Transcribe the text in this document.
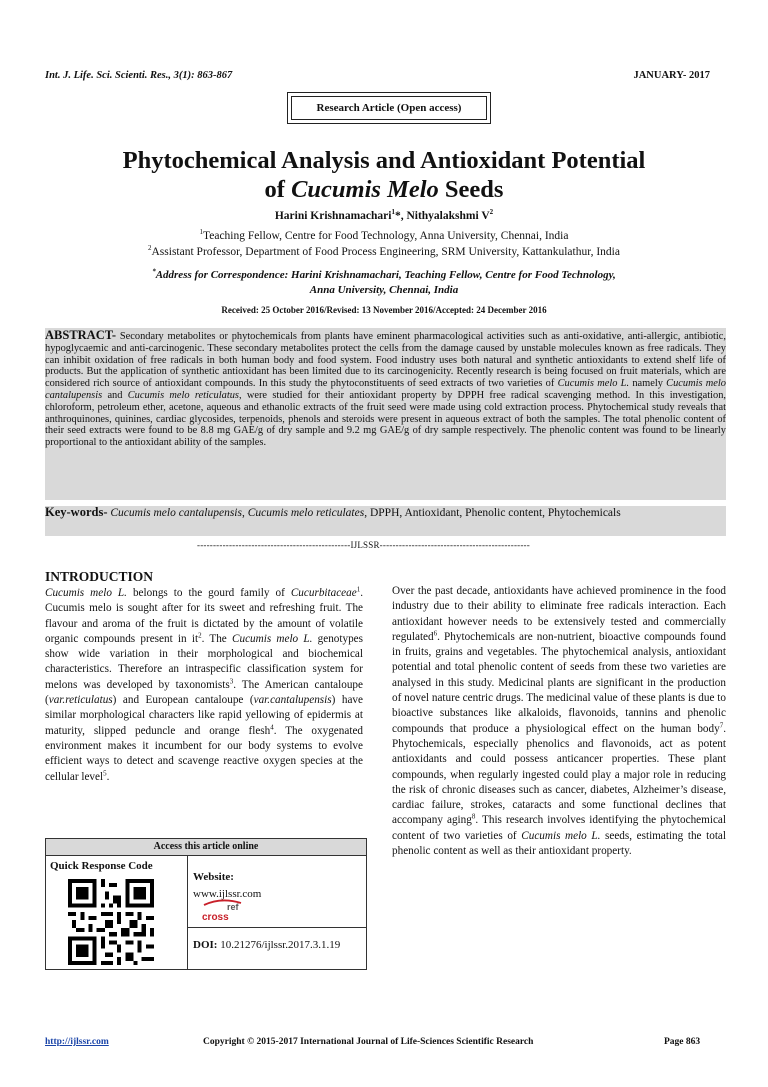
Int. J. Life. Sci. Scienti. Res., 3(1): 863-867	JANUARY- 2017
Research Article (Open access)
Phytochemical Analysis and Antioxidant Potential
of Cucumis Melo Seeds
Harini Krishnamachari$^1$*, Nithyalakshmi $V^2$
$^1$Teaching Fellow, Centre for Food Technology, Anna University, Chennai, India
$^2$Assistant Professor, Department of Food Process Engineering, SRM University, Kattankulathur, India
*Address for Correspondence: Harini Krishnamachari, Teaching Fellow, Centre for Food Technology,
Anna University, Chennai, India
Received: 25 October 2016/Revised: 13 November 2016/Accepted: 24 December 2016
ABSTRACT- Secondary metabolites or phytochemicals from plants have eminent pharmacological activities such as anti-oxidative, anti-allergic, antibiotic, hypoglycaemic and anti-carcinogenic. These secondary metabolites protect the cells from the damage caused by unstable molecules known as free radicals. They can inhibit oxidation of free radicals in both human body and food system. Food industry uses both natural and synthetic antioxidants to extend shelf life of products. But the application of synthetic antioxidant has been limited due to its carcinogenicity. Recently research is being focused on fruit materials, which are considered rich source of antioxidant compounds. In this study the phytoconstituents of seed extracts of two varieties of Cucumis melo L. namely Cucumis melo cantalupensis and Cucumis melo reticulatus, were studied for their antioxidant property by DPPH free radical scavenging method. In this investigation, chloroform, petroleum ether, acetone, aqueous and ethanolic extracts of the fruit seed were made using cold extraction process. Phytochemical study reveals that anthroquinones, quinines, cardiac glycosides, terpenoids, phenols and steroids were present in aqueous extract of both the samples. The total phenolic content of their seed extracts were found to be 8.8 mg GAE/g of dry sample and 9.2 mg GAE/g of dry sample respectively. The phenolic content was found to be linearly proportional to the antioxidant ability of the samples.
Key-words- Cucumis melo cantalupensis, Cucumis melo reticulates, DPPH, Antioxidant, Phenolic content, Phytochemicals
------------------------------------------------IJLSSR-----------------------------------------------
INTRODUCTION
Cucumis melo L. belongs to the gourd family of Cucurbitaceae$^1$. Cucumis melo is sought after for its sweet and refreshing fruit. The flavour and aroma of the fruit is dictated by the amount of volatile organic compounds present in $it^2$. The Cucumis melo L. genotypes show wide variation in their morphological and biochemical characteristics. Therefore an intraspecific classification system for melons was developed by taxonomists$^3$. The American cantaloupe (var.reticulatus) and European cantaloupe (var.cantalupensis) have similar morphological characters like rapid yellowing of epidermis at maturity, slipped peduncle and orange flesh$^4$. The oxygenated environment makes it incumbent for our body systems to evolve efficient ways to detect and scavenge reactive oxygen species at the cellular level$^5$.
Over the past decade, antioxidants have achieved prominence in the food industry due to their ability to eliminate free radicals interaction. Each antioxidant however needs to be extensively tested and commercially regulated$^6$. Phytochemicals are non-nutrient, bioactive compounds found in fruits, grains and vegetables. The phytochemical analysis, antioxidant potential and total phenolic content of seeds from these two varieties are analysed in this study. Medicinal plants are significant in the production of novel nature centric drugs. The medicinal value of these plants is due to bioactive substances like alkaloids, flavonoids, tannins and phenolic compounds that produce a physiological effect on the human body$^7$. Phytochemicals, especially phenolics and flavonoids, act as potent antioxidants and could possess anticancer properties. These plant compounds, when regularly ingested could play a major role in reducing the risk of chronic diseases such as cancer, diabetes, Alzheimer’s disease, cardiac failure, strokes, cataracts and some functional declines that accompany aging$^8$. This research involves identifying the phytochemical content of two varieties of Cucumis melo L. seeds, estimating the total phenolic content as well as their antioxidant property.
Access this article online
Quick Response Code
Website:
www.ijlssr.com
ref
cross
DOI: 10.21276/ijlssr.2017.3.1.19
http://ijlssr.com	Copyright © 2015-2017 International Journal of Life-Sciences Scientific Research	Page 863
